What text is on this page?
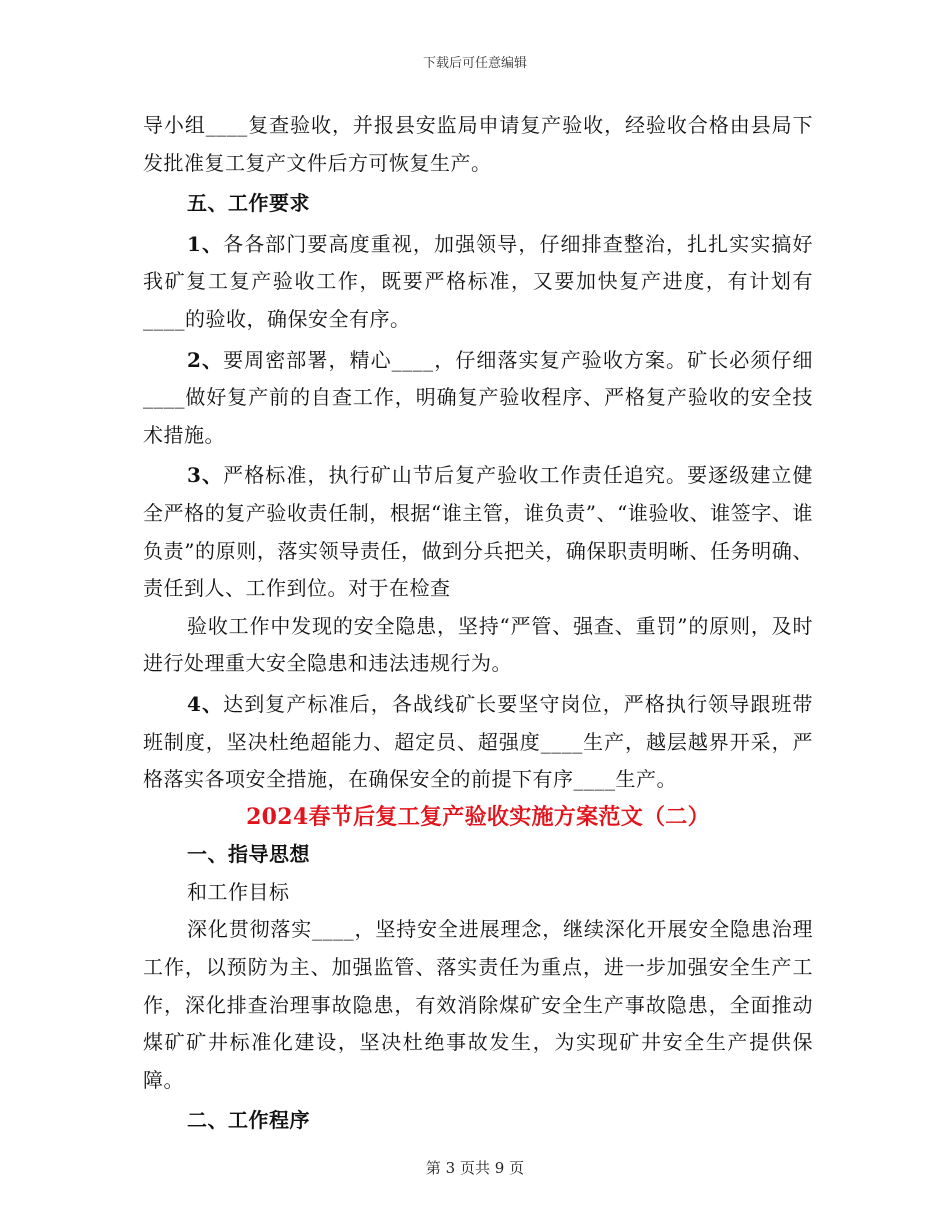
下载后可任意编辑

导小组____复查验收，并报县安监局申请复产验收，经验收合格由县局下发批准复工复产文件后方可恢复生产。

五、工作要求

1、各各部门要高度重视，加强领导，仔细排查整治，扎扎实实搞好我矿复工复产验收工作，既要严格标准，又要加快复产进度，有计划有____的验收，确保安全有序。

2、要周密部署，精心____，仔细落实复产验收方案。矿长必须仔细____做好复产前的自查工作，明确复产验收程序、严格复产验收的安全技术措施。

3、严格标准，执行矿山节后复产验收工作责任追究。要逐级建立健全严格的复产验收责任制，根据“谁主管，谁负责”、“谁验收、谁签字、谁负责”的原则，落实领导责任，做到分兵把关，确保职责明晰、任务明确、责任到人、工作到位。对于在检查

验收工作中发现的安全隐患，坚持“严管、强查、重罚”的原则，及时进行处理重大安全隐患和违法违规行为。

4、达到复产标准后，各战线矿长要坚守岗位，严格执行领导跟班带班制度，坚决杜绝超能力、超定员、超强度____生产，越层越界开采，严格落实各项安全措施，在确保安全的前提下有序____生产。

2024春节后复工复产验收实施方案范文（二）

一、指导思想

和工作目标

深化贯彻落实____，坚持安全进展理念，继续深化开展安全隐患治理工作，以预防为主、加强监管、落实责任为重点，进一步加强安全生产工作，深化排查治理事故隐患，有效消除煤矿安全生产事故隐患，全面推动煤矿矿井标准化建设，坚决杜绝事故发生，为实现矿井安全生产提供保障。

二、工作程序

第 3 页共 9 页
